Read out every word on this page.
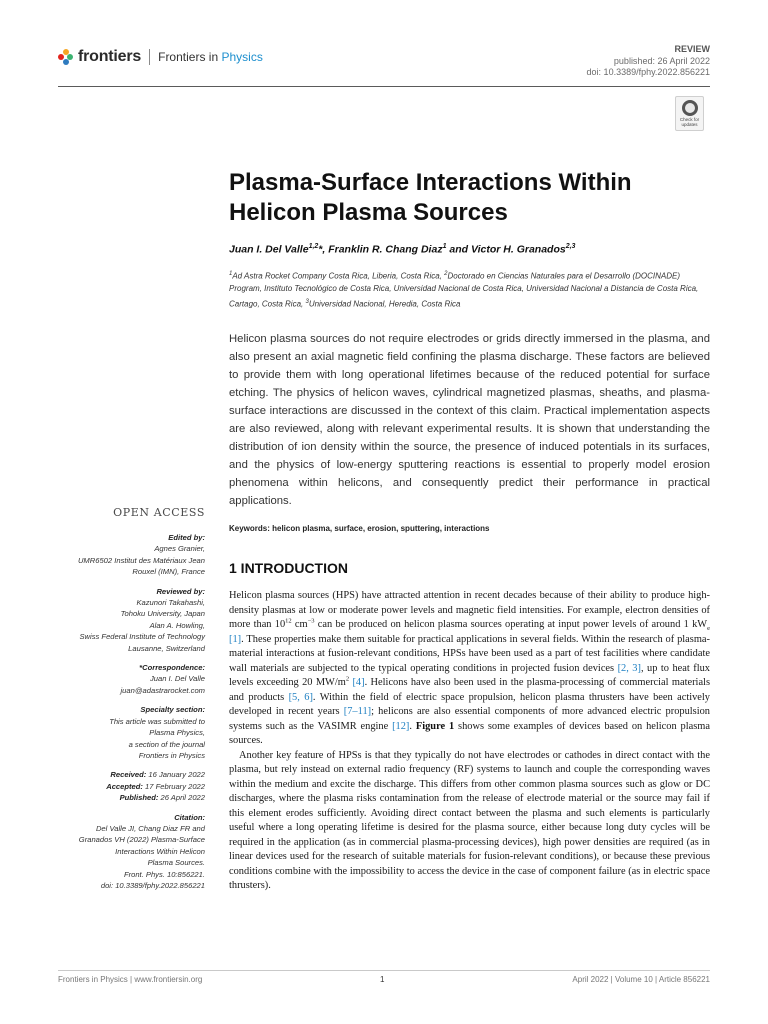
frontiers Frontiers in Physics
REVIEW
published: 26 April 2022
doi: 10.3389/fphy.2022.856221
Check for updates
Plasma-Surface Interactions Within Helicon Plasma Sources
Juan I. Del Valle$^{1,2}$*, Franklin R. Chang Diaz$^1$ and Victor H. Granados$^{2,3}$
$^1$Ad Astra Rocket Company Costa Rica, Liberia, Costa Rica, $^2$Doctorado en Ciencias Naturales para el Desarrollo (DOCINADE) Program, Instituto Tecnológico de Costa Rica, Universidad Nacional de Costa Rica, Universidad Nacional a Distancia de Costa Rica, Cartago, Costa Rica, $^3$Universidad Nacional, Heredia, Costa Rica

Helicon plasma sources do not require electrodes or grids directly immersed in the plasma, and also present an axial magnetic field confining the plasma discharge. These factors are believed to provide them with long operational lifetimes because of the reduced potential for surface etching. The physics of helicon waves, cylindrical magnetized plasmas, sheaths, and plasma-surface interactions are discussed in the context of this claim. Practical implementation aspects are also reviewed, along with relevant experimental results. It is shown that understanding the distribution of ion density within the source, the presence of induced potentials in its surfaces, and the physics of low-energy sputtering reactions is essential to properly model erosion phenomena within helicons, and consequently predict their performance in practical applications.

Keywords: helicon plasma, surface, erosion, sputtering, interactions
OPEN ACCESS
Edited by:
Agnes Granier,
UMR6502 Institut des Matériaux Jean
Rouxel (IMN), France
Reviewed by:
Kazunori Takahashi,
Tohoku University, Japan
Alan A. Howling,
Swiss Federal Institute of Technology
Lausanne, Switzerland
*Correspondence:
Juan I. Del Valle
juan@adastrarocket.com
Specialty section:
This article was submitted to
Plasma Physics,
a section of the journal
Frontiers in Physics
Received: 16 January 2022
Accepted: 17 February 2022
Published: 26 April 2022
Citation:
Del Valle JI, Chang Diaz FR and
Granados VH (2022) Plasma-Surface
Interactions Within Helicon
Plasma Sources.
Front. Phys. 10:856221.
doi: 10.3389/fphy.2022.856221
1 INTRODUCTION

Helicon plasma sources (HPS) have attracted attention in recent decades because of their ability to produce high-density plasmas at low or moderate power levels and magnetic field intensities. For example, electron densities of more than $10^{12}$ $cm^{-3}$ can be produced on helicon plasma sources operating at input power levels of around 1 $kW_e$ [1]. These properties make them suitable for practical applications in several fields. Within the research of plasma-material interactions at fusion-relevant conditions, HPSs have been used as a part of test facilities where candidate wall materials are subjected to the typical operating conditions in projected fusion devices [2, 3], up to heat flux levels exceeding 20 $MW/m^2$ [4]. Helicons have also been used in the plasma-processing of commercial materials and products [5, 6]. Within the field of electric space propulsion, helicon plasma thrusters have been actively developed in recent years [7–11]; helicons are also essential components of more advanced electric propulsion systems such as the VASIMR engine [12]. Figure 1 shows some examples of devices based on helicon plasma sources.

Another key feature of HPSs is that they typically do not have electrodes or cathodes in direct contact with the plasma, but rely instead on external radio frequency (RF) systems to launch and couple the corresponding waves within the medium and excite the discharge. This differs from other common plasma sources such as glow or DC discharges, where the plasma risks contamination from the release of electrode material or the source may fail if this element erodes sufficiently. Avoiding direct contact between the plasma and such elements is particularly useful where a long operating lifetime is desired for the plasma source, either because long duty cycles will be required in the application (as in commercial plasma-processing devices), high power densities are required (as in linear devices used for the research of suitable materials for fusion-relevant conditions), or because these previous conditions combine with the impossibility to access the device in the case of component failure (as in electric space thrusters).

Frontiers in Physics | www.frontiersin.org	1	April 2022 | Volume 10 | Article 856221
